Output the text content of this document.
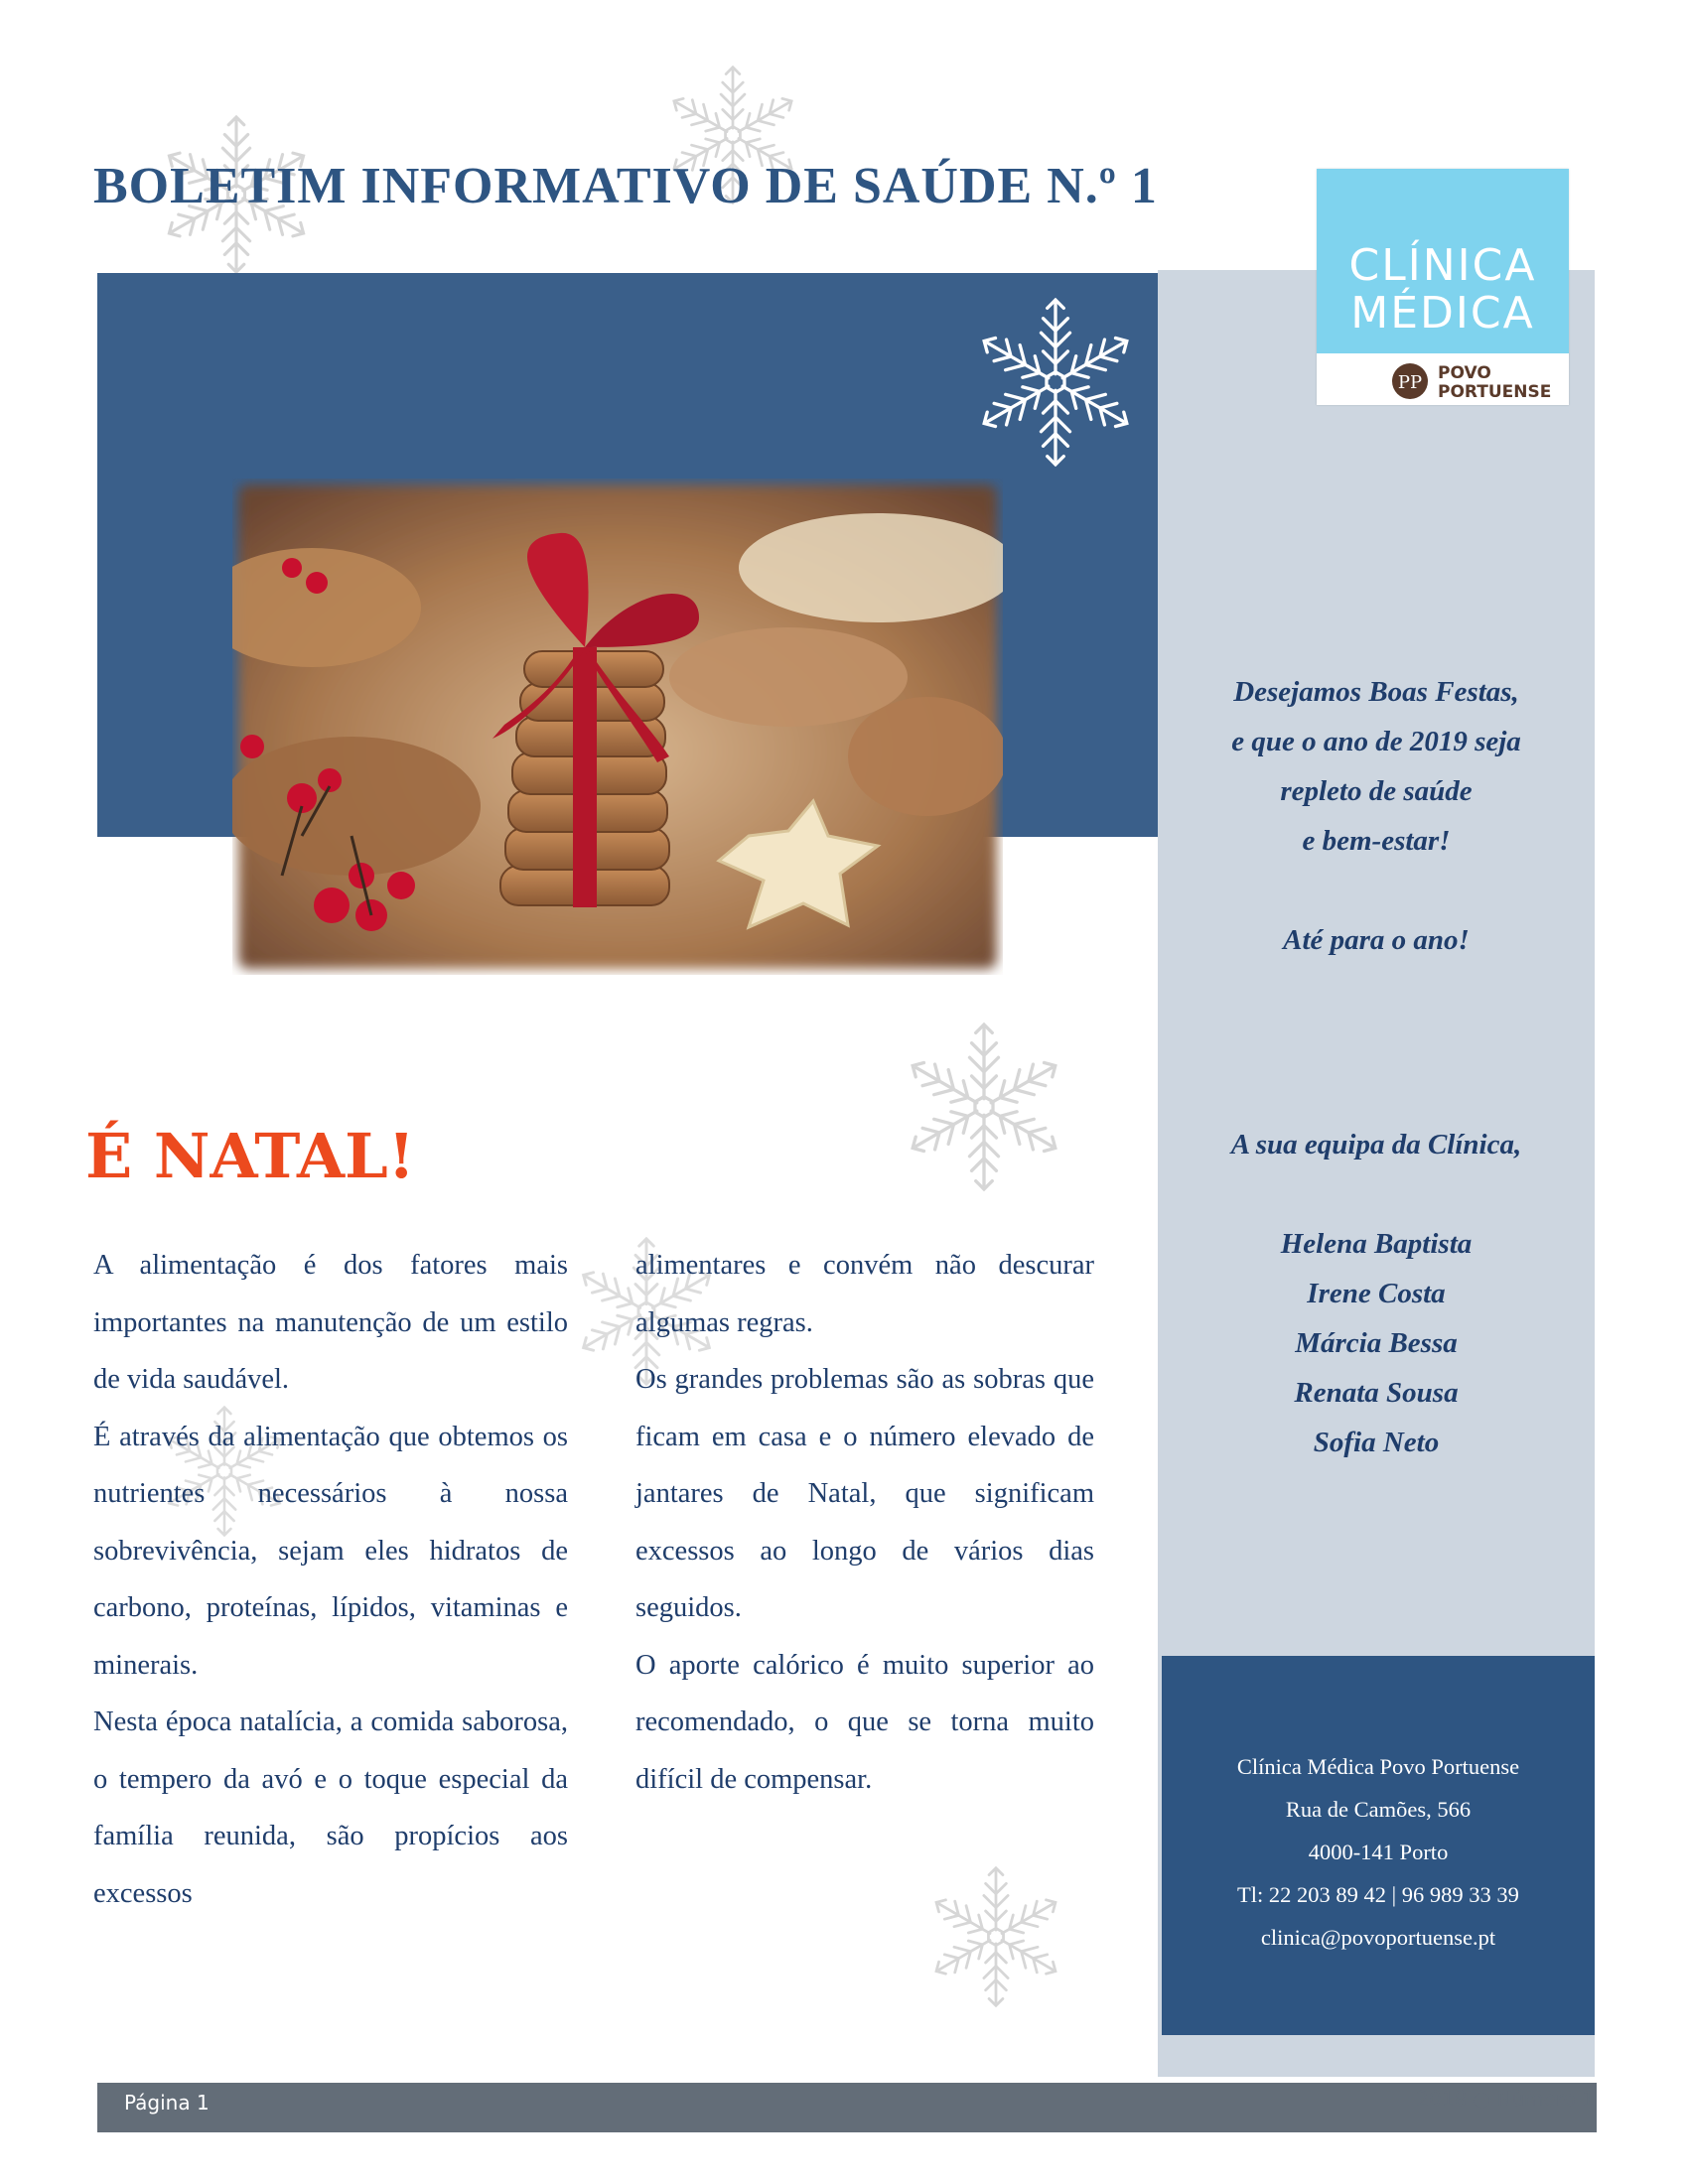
BOLETIM INFORMATIVO DE SAÚDE N.º 1
CLÍNICA
MÉDICA
PP POVO
PORTUENSE
É NATAL!

A alimentação é dos fatores mais importantes na manutenção de um estilo de vida saudável.

É através da alimentação que obtemos os nutrientes necessários à nossa sobrevivência, sejam eles hidratos de carbono, proteínas, lípidos, vitaminas e minerais.

Nesta época natalícia, a comida saborosa, o tempero da avó e o toque especial da família reunida, são propícios aos excessos

alimentares e convém não descurar algumas regras.

Os grandes problemas são as sobras que ficam em casa e o número elevado de jantares de Natal, que significam excessos ao longo de vários dias seguidos.

O aporte calórico é muito superior ao recomendado, o que se torna muito difícil de compensar.

Desejamos Boas Festas,
e que o ano de 2019 seja
repleto de saúde
e bem-estar!
Até para o ano!
A sua equipa da Clínica,
Helena Baptista
Irene Costa
Márcia Bessa
Renata Sousa
Sofia Neto
Clínica Médica Povo Portuense
Rua de Camões, 566
4000-141 Porto
Tl: 22 203 89 42 | 96 989 33 39
clinica@povoportuense.pt
Página 1	2018 ● Número 1
